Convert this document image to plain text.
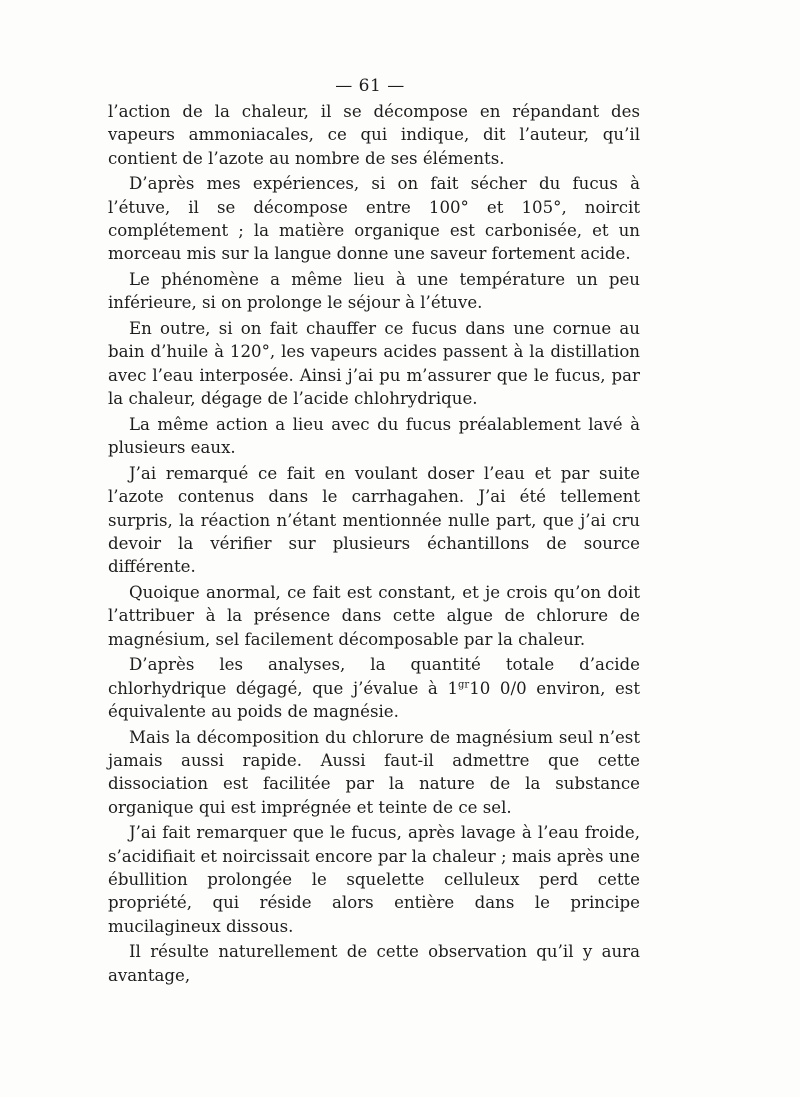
— 61 —

l’action de la chaleur, il se décompose en répandant des vapeurs ammoniacales, ce qui indique, dit l’auteur, qu’il contient de l’azote au nombre de ses éléments.

D’après mes expériences, si on fait sécher du fucus à l’étuve, il se décompose entre 100° et 105°, noircit complétement ; la matière organique est carbonisée, et un morceau mis sur la langue donne une saveur fortement acide.

Le phénomène a même lieu à une température un peu inférieure, si on prolonge le séjour à l’étuve.

En outre, si on fait chauffer ce fucus dans une cornue au bain d’huile à 120°, les vapeurs acides passent à la distillation avec l’eau interposée. Ainsi j’ai pu m’assurer que le fucus, par la chaleur, dégage de l’acide chlohrydrique.

La même action a lieu avec du fucus préalablement lavé à plusieurs eaux.

J’ai remarqué ce fait en voulant doser l’eau et par suite l’azote contenus dans le carrhagahen. J’ai été tellement surpris, la réaction n’étant mentionnée nulle part, que j’ai cru devoir la vérifier sur plusieurs échantillons de source différente.

Quoique anormal, ce fait est constant, et je crois qu’on doit l’attribuer à la présence dans cette algue de chlorure de magnésium, sel facilement décomposable par la chaleur.

D’après les analyses, la quantité totale d’acide chlorhydrique dégagé, que j’évalue à $1^{gr}10$ 0/0 environ, est équivalente au poids de magnésie.

Mais la décomposition du chlorure de magnésium seul n’est jamais aussi rapide. Aussi faut-il admettre que cette dissociation est facilitée par la nature de la substance organique qui est imprégnée et teinte de ce sel.

J’ai fait remarquer que le fucus, après lavage à l’eau froide, s’acidifiait et noircissait encore par la chaleur ; mais après une ébullition prolongée le squelette celluleux perd cette propriété, qui réside alors entière dans le principe mucilagineux dissous.

Il résulte naturellement de cette observation qu’il y aura avantage,
